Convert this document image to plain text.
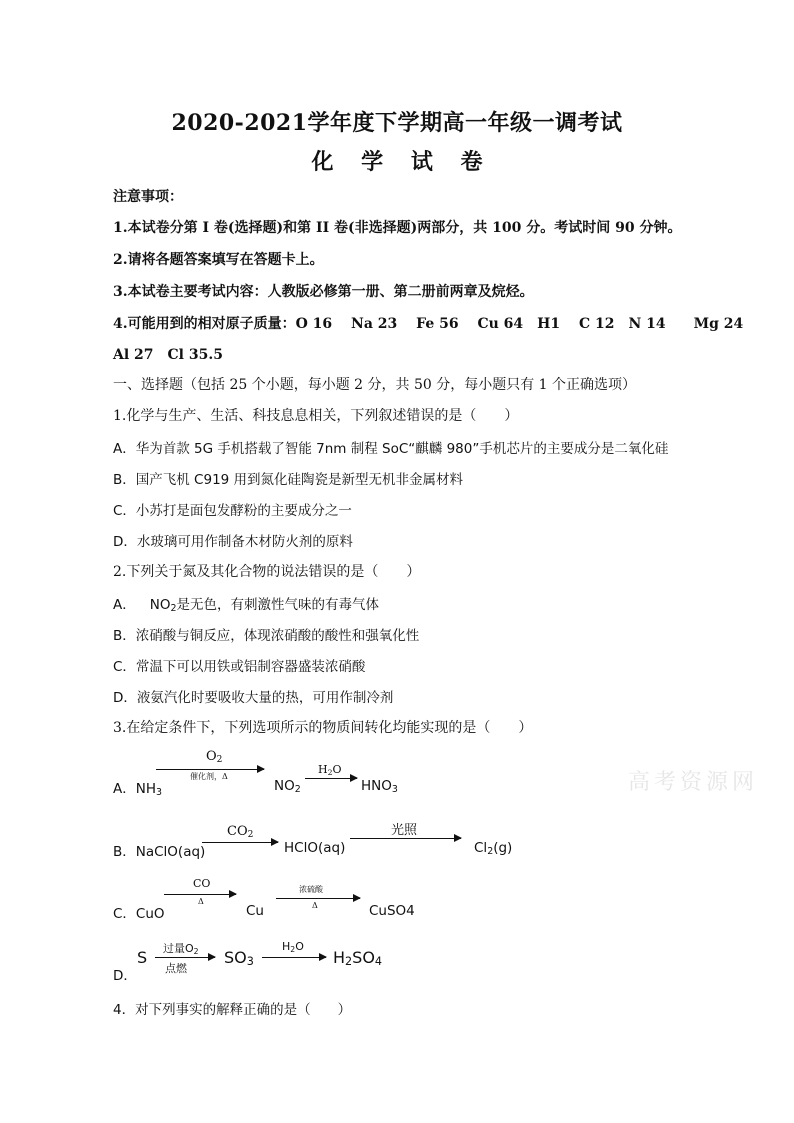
2020-2021学年度下学期高一年级一调考试
化 学 试 卷
注意事项：
1.本试卷分第 I 卷(选择题)和第 II 卷(非选择题)两部分，共 100 分。考试时间 90 分钟。
2.请将各题答案填写在答题卡上。
3.本试卷主要考试内容：人教版必修第一册、第二册前两章及烷烃。
4.可能用到的相对原子质量：O 16　 Na 23　 Fe 56　 Cu 64　H1　 C 12　N 14　　Mg 24
Al 27　Cl 35.5
一、选择题（包括 25 个小题，每小题 2 分，共 50 分，每小题只有 1 个正确选项）
1.化学与生产、生活、科技息息相关，下列叙述错误的是（　　）
A．华为首款 5G 手机搭载了智能 7nm 制程 SoC“麒麟 980”手机芯片的主要成分是二氧化硅
B．国产飞机 C919 用到氮化硅陶瓷是新型无机非金属材料
C．小苏打是面包发酵粉的主要成分之一
D．水玻璃可用作制备木材防火剂的原料
2.下列关于氮及其化合物的说法错误的是（　　）
A． $NO_2$是无色，有刺激性气味的有毒气体
B．浓硝酸与铜反应，体现浓硝酸的酸性和强氧化性
C．常温下可以用铁或铝制容器盛装浓硝酸
D．液氨汽化时要吸收大量的热，可用作制冷剂
3.在给定条件下，下列选项所示的物质间转化均能实现的是（　　）
A．$NH_3$
$O_2$
催化剂，Δ
$NO_2$
$H_2O$
→ $HNO_3$	高考资源网
B．NaClO(aq)
$CO_2$
HClO(aq)
光照
$Cl_2(g)$
C．CuO
CO
Δ
Cu
浓硫酸
Δ	CuSO4
D．
S 过量$O_2$
点燃
$SO_3$
$H_2O$
→ $H_2SO_4$
4．对下列事实的解释正确的是（　　）
